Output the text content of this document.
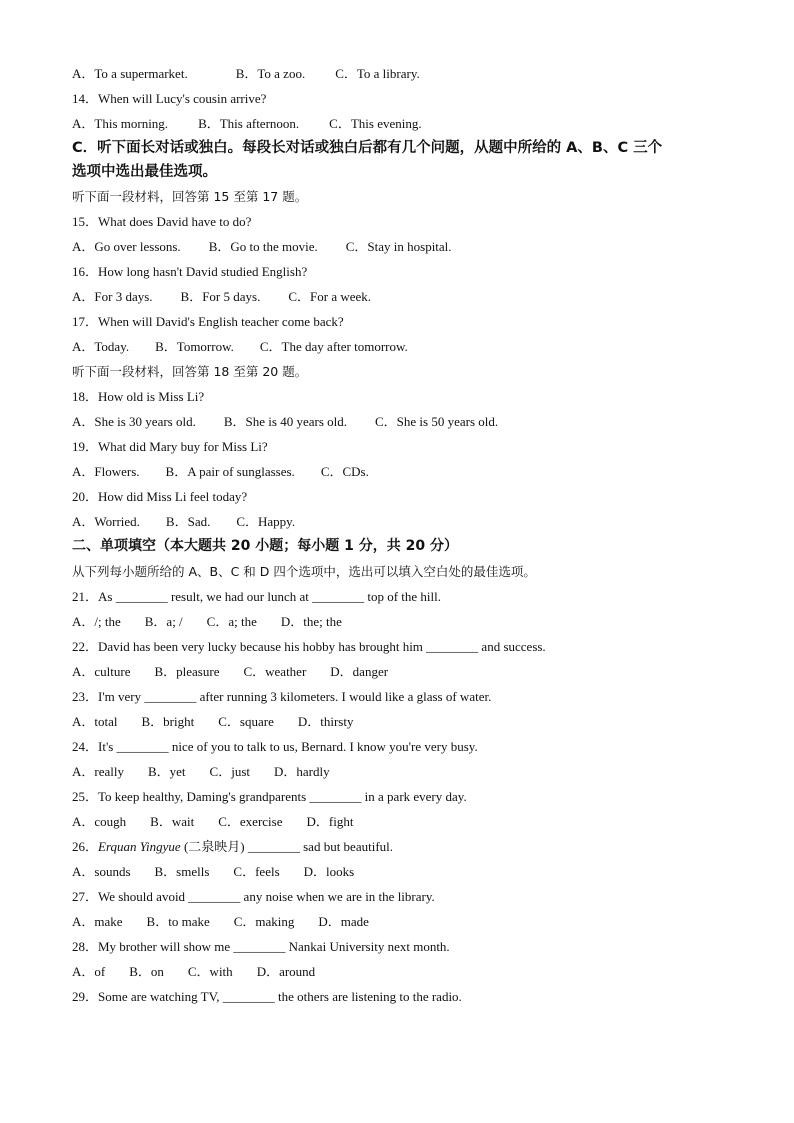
A．To a supermarket.	B．To a zoo. C．To a library.
14．When will Lucy's cousin arrive?
A．This morning. B．This afternoon. C．This evening.
C．听下面长对话或独白。每段长对话或独白后都有几个问题，从题中所给的 A、B、C 三个
选项中选出最佳选项。
听下面一段材料，回答第 15 至第 17 题。
15．What does David have to do?
A．Go over lessons. B．Go to the movie. C．Stay in hospital.
16．How long hasn't David studied English?
A．For 3 days. B．For 5 days. C．For a week.
17．When will David's English teacher come back?
A．Today. B．Tomorrow. C．The day after tomorrow.
听下面一段材料，回答第 18 至第 20 题。
18．How old is Miss Li?
A．She is 30 years old. B．She is 40 years old. C．She is 50 years old.
19．What did Mary buy for Miss Li?
A．Flowers. B．A pair of sunglasses. C．CDs.
20．How did Miss Li feel today?
A．Worried. B．Sad. C．Happy.
二、单项填空（本大题共 20 小题；每小题 1 分，共 20 分）
从下列每小题所给的 A、B、C 和 D 四个选项中，选出可以填入空白处的最佳选项。
21．As ________ result, we had our lunch at ________ top of the hill.
A．/; the B．a; / C．a; the D．the; the
22．David has been very lucky because his hobby has brought him ________ and success.
A．culture B．pleasure C．weather D．danger
23．I'm very ________ after running 3 kilometers. I would like a glass of water.
A．total B．bright C．square D．thirsty
24．It's ________ nice of you to talk to us, Bernard. I know you're very busy.
A．really B．yet C．just D．hardly
25．To keep healthy, Daming's grandparents ________ in a park every day.
A．cough B．wait C．exercise D．fight
26．Erquan Yingyue (二泉映月) ________ sad but beautiful.
A．sounds B．smells C．feels D．looks
27．We should avoid ________ any noise when we are in the library.
A．make B．to make C．making D．made
28．My brother will show me ________ Nankai University next month.
A．of B．on C．with D．around
29．Some are watching TV, ________ the others are listening to the radio.
